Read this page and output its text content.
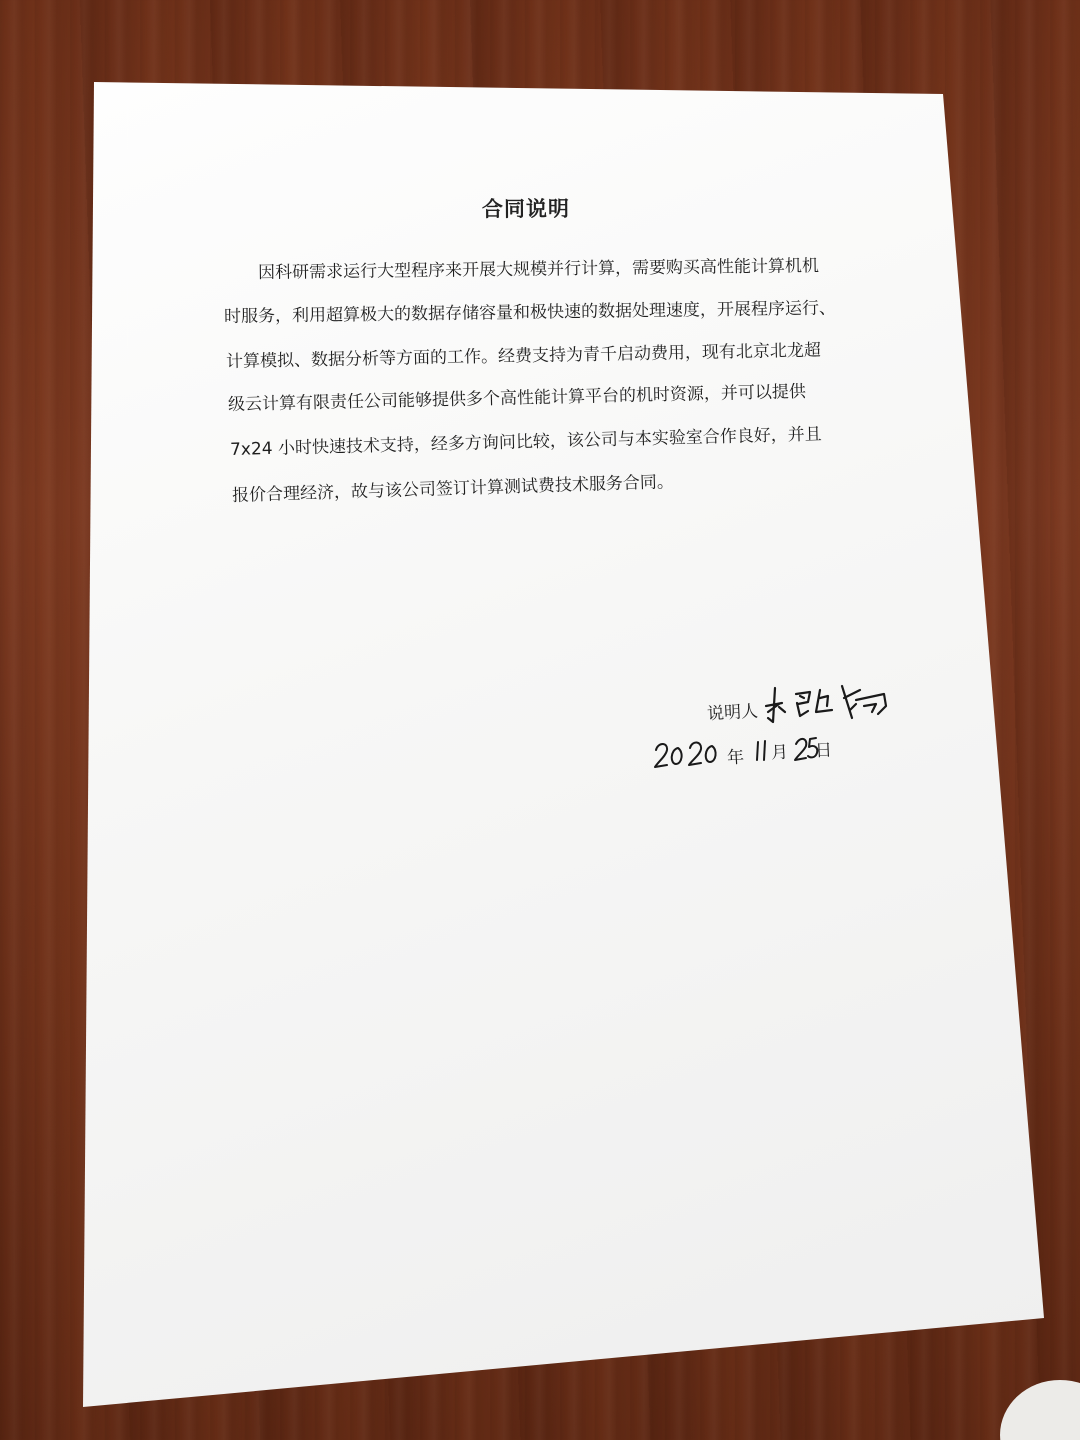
合同说明
因科研需求运行大型程序来开展大规模并行计算，需要购买高性能计算机机
时服务，利用超算极大的数据存储容量和极快速的数据处理速度，开展程序运行、
计算模拟、数据分析等方面的工作。经费支持为青千启动费用，现有北京北龙超
级云计算有限责任公司能够提供多个高性能计算平台的机时资源，并可以提供
7x24 小时快速技术支持，经多方询问比较，该公司与本实验室合作良好，并且
报价合理经济，故与该公司签订计算测试费技术服务合同。
说明人
年 月 日
